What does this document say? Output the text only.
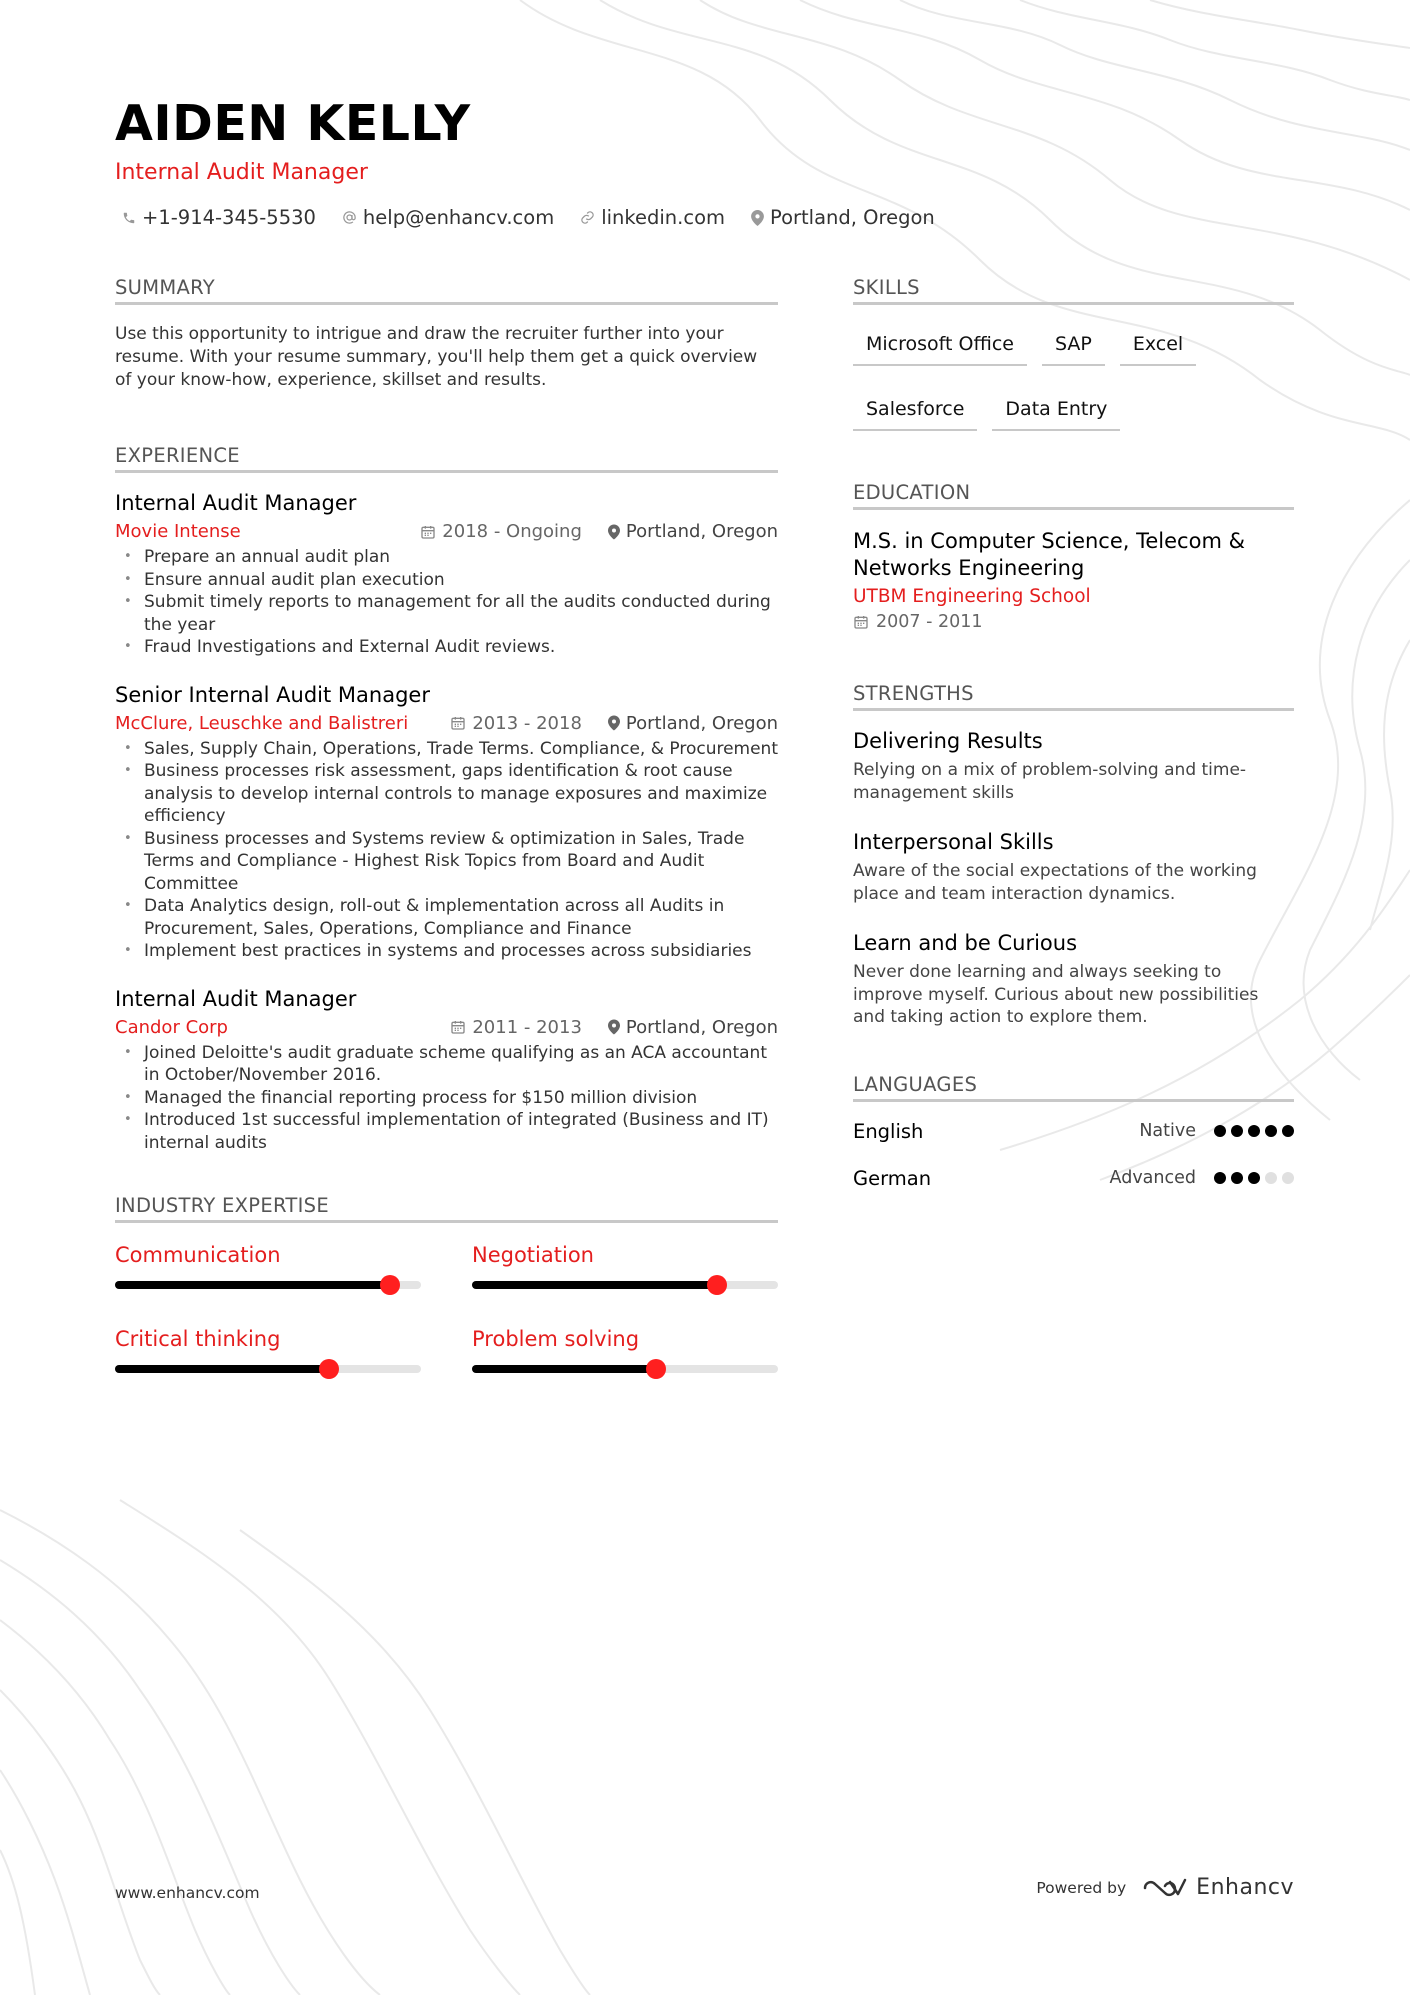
AIDEN KELLY
Internal Audit Manager
+1-914-345-5530 help@enhancv.com linkedin.com Portland, Oregon
SUMMARY
Use this opportunity to intrigue and draw the recruiter further into your resume. With your resume summary, you'll help them get a quick overview of your know-how, experience, skillset and results.
EXPERIENCE
Internal Audit Manager
Movie Intense	2018 - Ongoing Portland, Oregon
• Prepare an annual audit plan
• Ensure annual audit plan execution
• Submit timely reports to management for all the audits conducted during the year
• Fraud Investigations and External Audit reviews.
Senior Internal Audit Manager
McClure, Leuschke and Balistreri	2013 - 2018 Portland, Oregon
• Sales, Supply Chain, Operations, Trade Terms. Compliance, & Procurement
• Business processes risk assessment, gaps identification & root cause analysis to develop internal controls to manage exposures and maximize efficiency
• Business processes and Systems review & optimization in Sales, Trade Terms and Compliance - Highest Risk Topics from Board and Audit Committee
• Data Analytics design, roll-out & implementation across all Audits in Procurement, Sales, Operations, Compliance and Finance
• Implement best practices in systems and processes across subsidiaries
Internal Audit Manager
Candor Corp	2011 - 2013 Portland, Oregon
• Joined Deloitte's audit graduate scheme qualifying as an ACA accountant in October/November 2016.
• Managed the financial reporting process for $150 million division
• Introduced 1st successful implementation of integrated (Business and IT) internal audits
INDUSTRY EXPERTISE
Communication	Negotiation
Critical thinking	Problem solving
SKILLS
Microsoft Office	SAP	Excel
Salesforce	Data Entry
EDUCATION
M.S. in Computer Science, Telecom & Networks Engineering
UTBM Engineering School
2007 - 2011
STRENGTHS
Delivering Results
Relying on a mix of problem-solving and time-management skills
Interpersonal Skills
Aware of the social expectations of the working place and team interaction dynamics.
Learn and be Curious
Never done learning and always seeking to improve myself. Curious about new possibilities and taking action to explore them.
LANGUAGES
English	Native
German	Advanced
www.enhancv.com	Powered by	Enhancv
